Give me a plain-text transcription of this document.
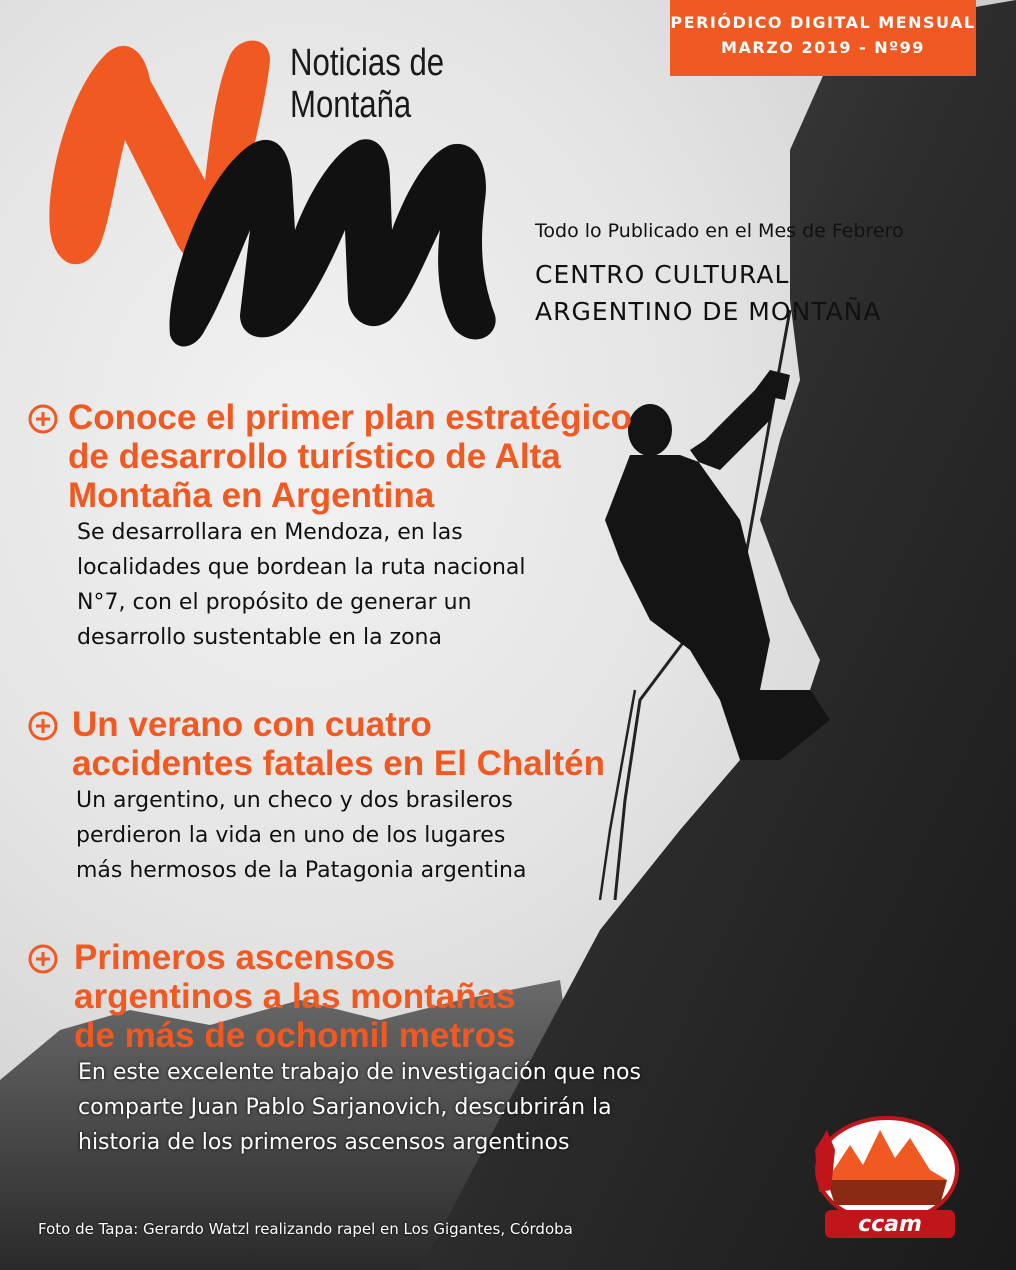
PERIÓDICO DIGITAL MENSUAL
MARZO 2019 - Nº99
Noticias de
Montaña
Todo lo Publicado en el Mes de Febrero
CENTRO CULTURAL
ARGENTINO DE MONTAÑA
Conoce el primer plan estratégico
de desarrollo turístico de Alta
Montaña en Argentina

Se desarrollara en Mendoza, en las
localidades que bordean la ruta nacional
N°7, con el propósito de generar un
desarrollo sustentable en la zona

Un verano con cuatro
accidentes fatales en El Chaltén

Un argentino, un checo y dos brasileros
perdieron la vida en uno de los lugares
más hermosos de la Patagonia argentina

Primeros ascensos
argentinos a las montañas
de más de ochomil metros

En este excelente trabajo de investigación que nos
comparte Juan Pablo Sarjanovich, descubrirán la
historia de los primeros ascensos argentinos

Foto de Tapa: Gerardo Watzl realizando rapel en Los Gigantes, Córdoba	ccam
